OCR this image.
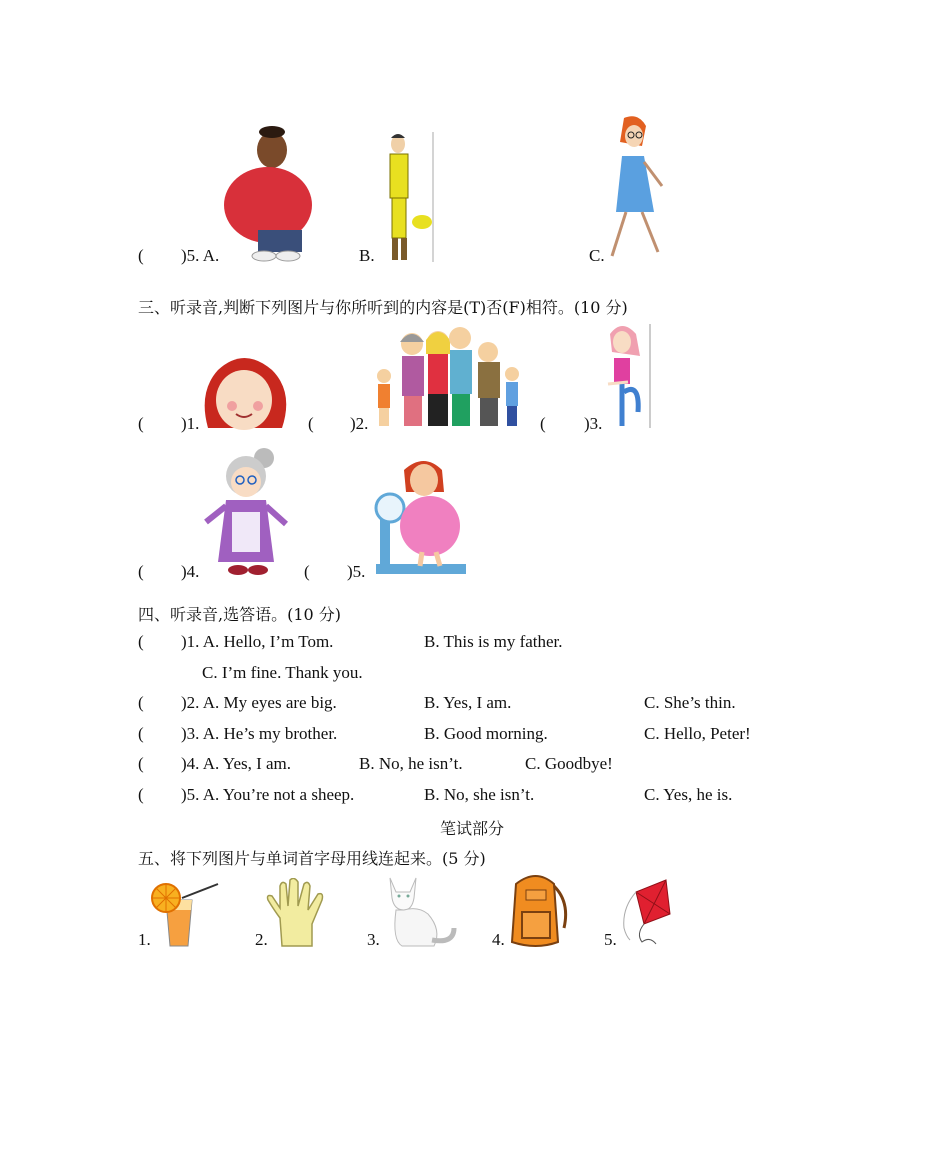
( )5. A.	B.	C.
三、听录音,判断下列图片与你所听到的内容是(T)否(F)相符。(10 分)
( )1.	( )2.	( )3.
( )4.	( )5.
四、听录音,选答语。(10 分)
( )1. A. Hello, I’m Tom.	B. This is my father.
C. I’m fine. Thank you.
( )2. A. My eyes are big.	B. Yes, I am.	C. She’s thin.
( )3. A. He’s my brother.	B. Good morning.	C. Hello, Peter!
( )4. A. Yes, I am.	B. No, he isn’t.	C. Goodbye!
( )5. A. You’re not a sheep.	B. No, she isn’t.	C. Yes, he is.
笔试部分
五、将下列图片与单词首字母用线连起来。(5 分)
1.	2.	3.	4.	5.
